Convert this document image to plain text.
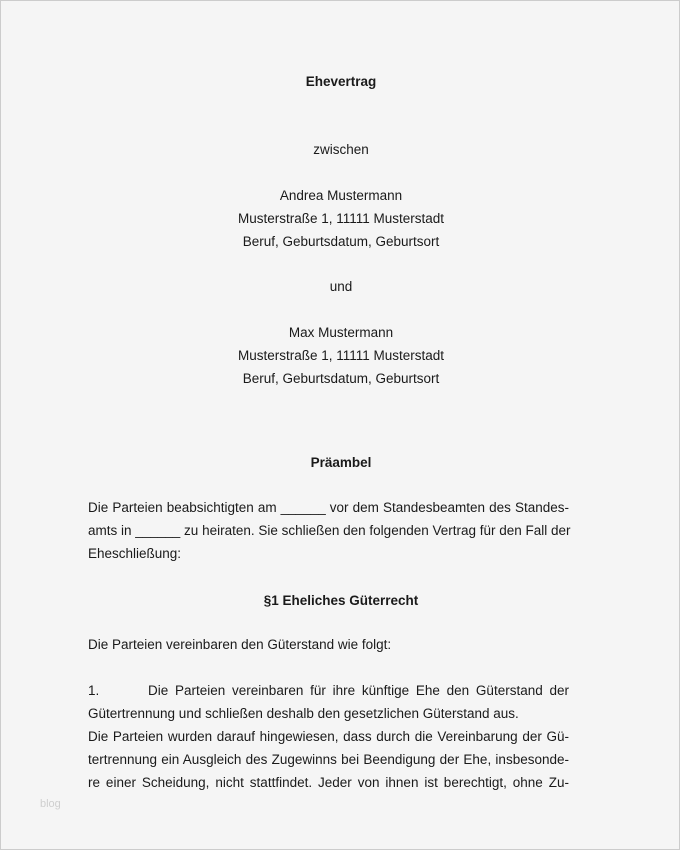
Ehevertrag
zwischen
Andrea Mustermann
Musterstraße 1, 11111 Musterstadt
Beruf, Geburtsdatum, Geburtsort
und
Max Mustermann
Musterstraße 1, 11111 Musterstadt
Beruf, Geburtsdatum, Geburtsort
Präambel
Die Parteien beabsichtigten am ______ vor dem Standesbeamten des Standes-
amts in ______ zu heiraten. Sie schließen den folgenden Vertrag für den Fall der
Eheschließung:
§1 Eheliches Güterrecht
Die Parteien vereinbaren den Güterstand wie folgt:
1.	Die Parteien vereinbaren für ihre künftige Ehe den Güterstand der
Gütertrennung und schließen deshalb den gesetzlichen Güterstand aus.
Die Parteien wurden darauf hingewiesen, dass durch die Vereinbarung der Gü-
tertrennung ein Ausgleich des Zugewinns bei Beendigung der Ehe, insbesonde-
re einer Scheidung, nicht stattfindet. Jeder von ihnen ist berechtigt, ohne Zu-
blog
